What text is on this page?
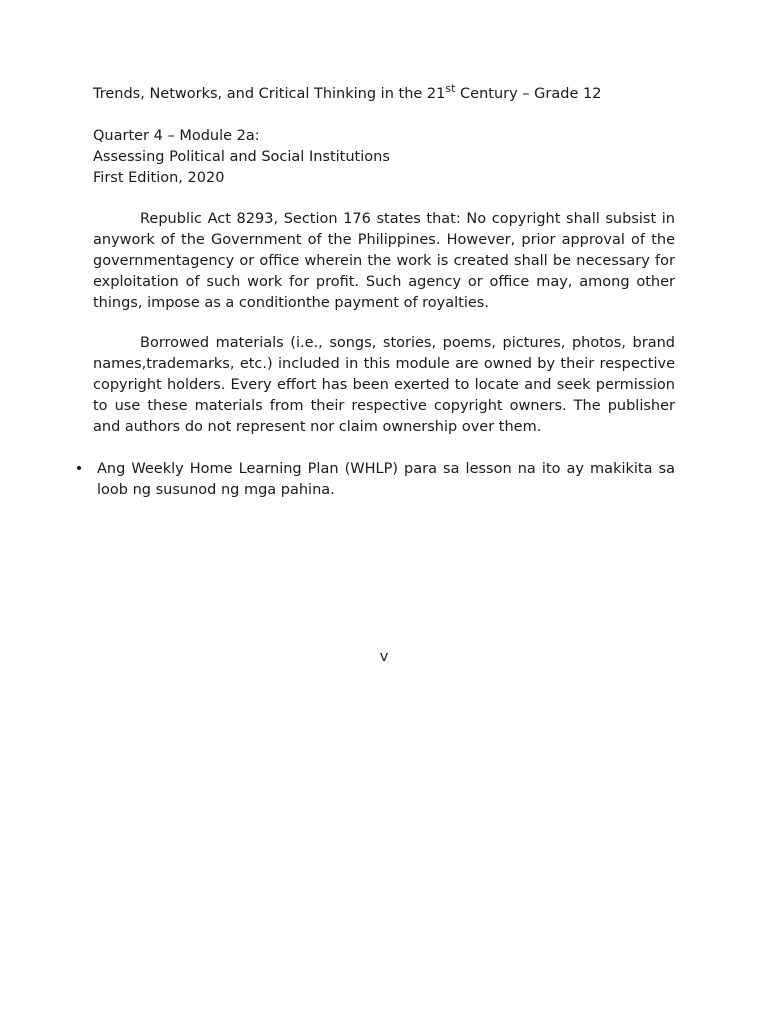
Trends, Networks, and Critical Thinking in the 21st Century – Grade 12
Quarter 4 – Module 2a:
Assessing Political and Social Institutions
First Edition, 2020

Republic Act 8293, Section 176 states that: No copyright shall subsist in anywork of the Government of the Philippines. However, prior approval of the governmentagency or office wherein the work is created shall be necessary for exploitation of such work for profit. Such agency or office may, among other things, impose as a conditionthe payment of royalties.

Borrowed materials (i.e., songs, stories, poems, pictures, photos, brand names,trademarks, etc.) included in this module are owned by their respective copyright holders. Every effort has been exerted to locate and seek permission to use these materials from their respective copyright owners. The publisher and authors do not represent nor claim ownership over them.

• Ang Weekly Home Learning Plan (WHLP) para sa lesson na ito ay makikita sa loob ng susunod ng mga pahina.

v
